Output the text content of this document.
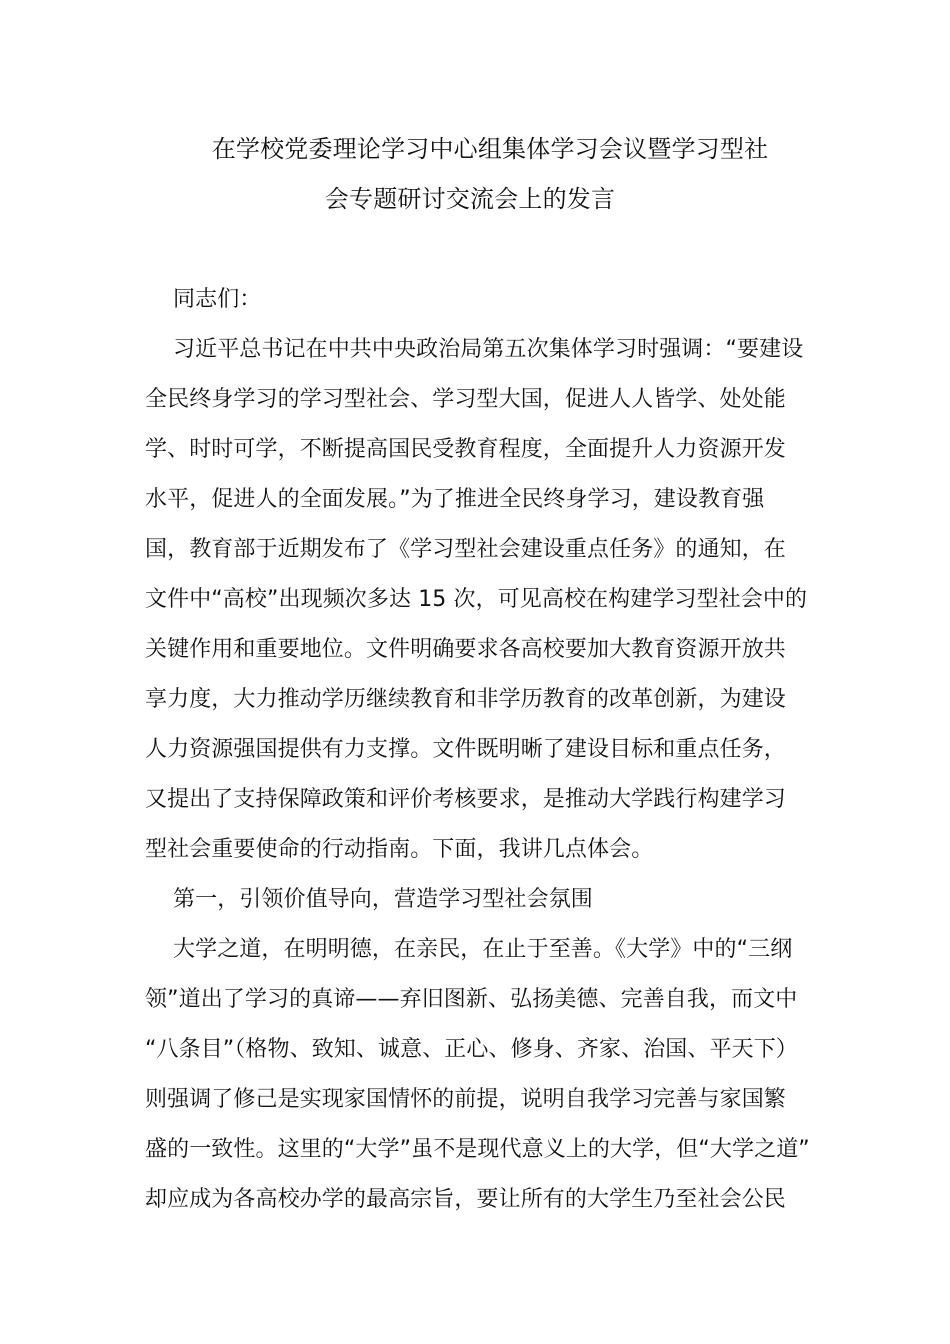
在学校党委理论学习中心组集体学习会议暨学习型社
会专题研讨交流会上的发言
同志们：
习近平总书记在中共中央政治局第五次集体学习时强调：“要建设
全民终身学习的学习型社会、学习型大国，促进人人皆学、处处能
学、时时可学，不断提高国民受教育程度，全面提升人力资源开发
水平，促进人的全面发展。”为了推进全民终身学习，建设教育强
国，教育部于近期发布了《学习型社会建设重点任务》的通知，在
文件中“高校”出现频次多达 15 次，可见高校在构建学习型社会中的
关键作用和重要地位。文件明确要求各高校要加大教育资源开放共
享力度，大力推动学历继续教育和非学历教育的改革创新，为建设
人力资源强国提供有力支撑。文件既明晰了建设目标和重点任务，
又提出了支持保障政策和评价考核要求，是推动大学践行构建学习
型社会重要使命的行动指南。下面，我讲几点体会。
第一，引领价值导向，营造学习型社会氛围
大学之道，在明明德，在亲民，在止于至善。《大学》中的“三纲
领”道出了学习的真谛——弃旧图新、弘扬美德、完善自我，而文中
“八条目”（格物、致知、诚意、正心、修身、齐家、治国、平天下）
则强调了修己是实现家国情怀的前提，说明自我学习完善与家国繁
盛的一致性。这里的“大学”虽不是现代意义上的大学，但“大学之道”
却应成为各高校办学的最高宗旨，要让所有的大学生乃至社会公民
